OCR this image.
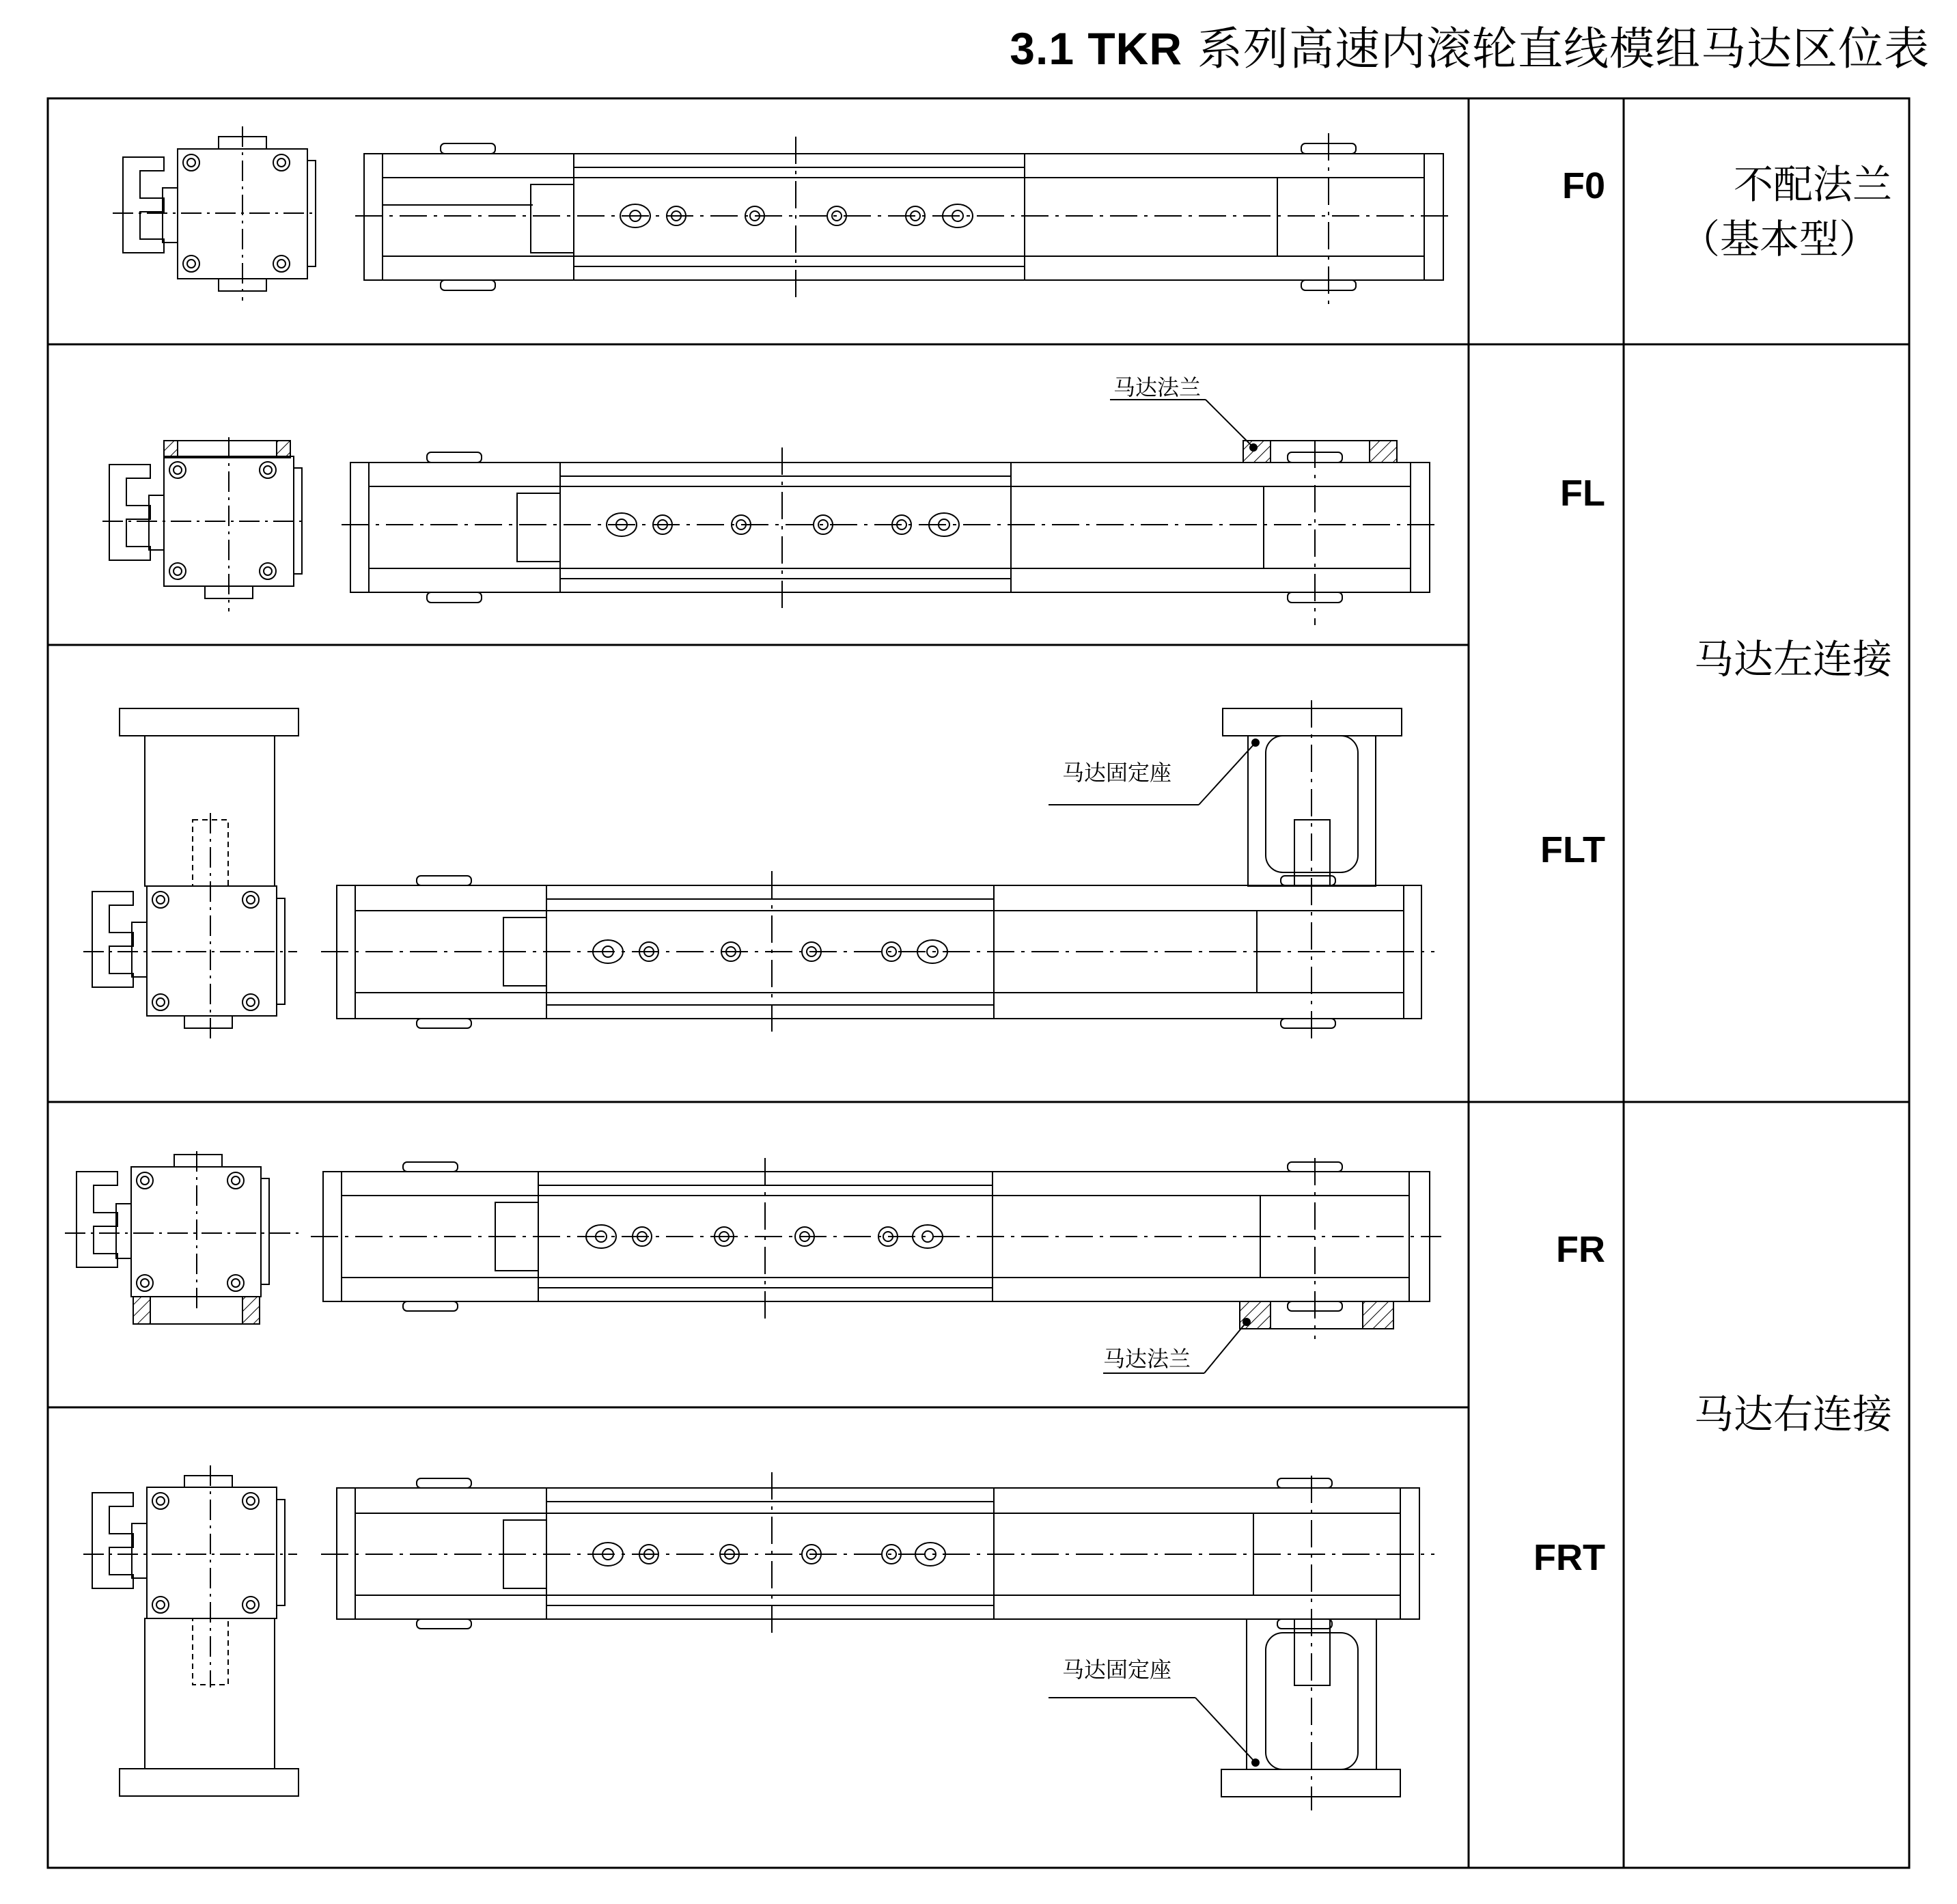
3.1 TKR 系列高速内滚轮直线模组马达区位表
F0
FL
FLT
FR
FRT
不配法兰
（基本型）
马达左连接
马达右连接
马达法兰
马达固定座
马达法兰
马达固定座
